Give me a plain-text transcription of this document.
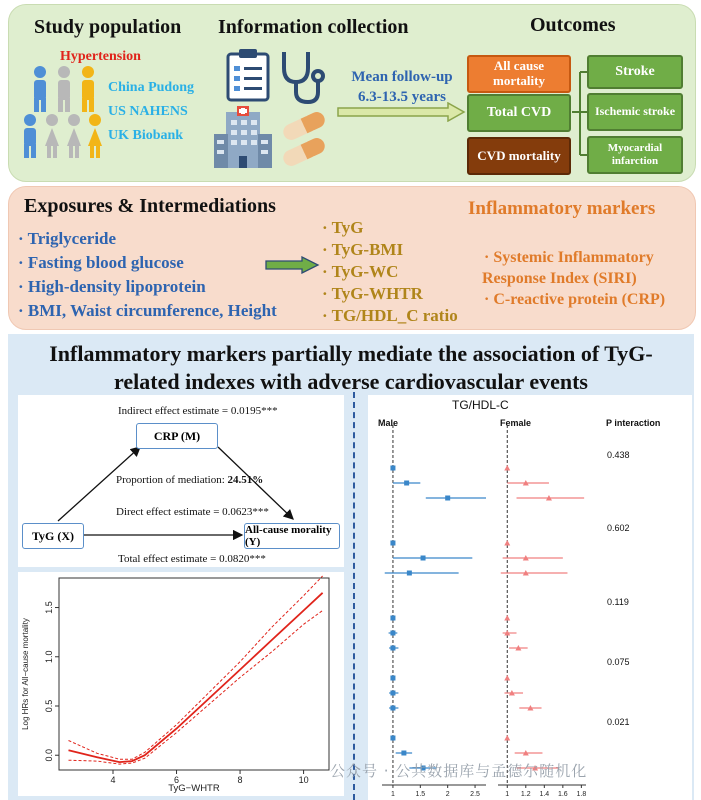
Study population
Hypertension
China Pudong
US NAHENS
UK Biobank
Information collection
Mean follow-up
6.3-13.5 years
Outcomes
All cause mortality
Total CVD
CVD mortality
Stroke
Ischemic stroke
Myocardial infarction
Exposures & Intermediations
· Triglyceride
· Fasting blood glucose
· High-density lipoprotein
· BMI, Waist circumference, Height
· TyG
· TyG-BMI
· TyG-WC
· TyG-WHTR
· TG/HDL_C ratio
Inflammatory markers
· Systemic Inflammatory
Response Index (SIRI)
· C-reactive protein (CRP)
Inflammatory markers partially mediate the association of TyG-
related indexes with adverse cardiovascular events
Indirect effect estimate = 0.0195***
CRP (M)
Proportion of mediation: 24.51%
Direct effect estimate = 0.0623***
TyG (X)	All-cause morality (Y)
Total effect estimate = 0.0820***
4	6	8	10
0.0
0.5
1.0
1.5
TyG−WHTR
Log HRs for All−cause mortality
TG/HDL-C
Male	Female	P interaction
0.438
0.602
0.119
0.075
0.021
1	1.5	2	2.5	1 1.2 1.4 1.6 1.8
公众号 · 公共数据库与孟德尔随机化
